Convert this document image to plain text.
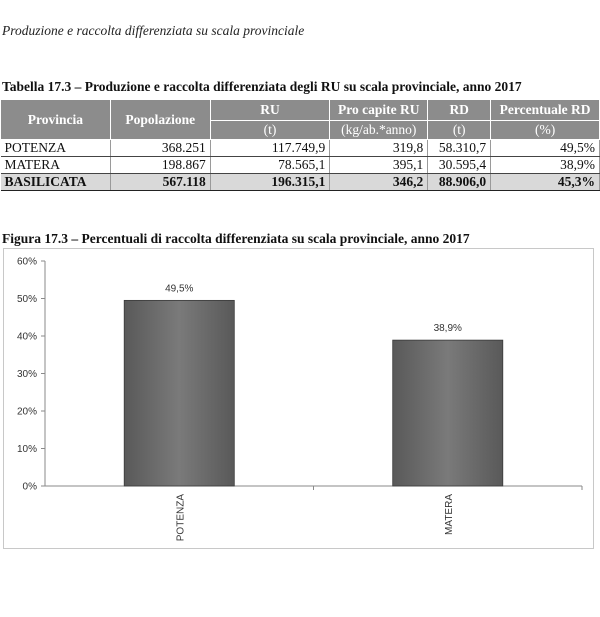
Produzione e raccolta differenziata su scala provinciale
Tabella 17.3 – Produzione e raccolta differenziata degli RU su scala provinciale, anno 2017
Provincia	Popolazione	RU	Pro capite RU	RD	Percentuale RD
		(t)	(kg/ab.*anno)	(t)	(%)
POTENZA	368.251	117.749,9	319,8	58.310,7	49,5%
MATERA	198.867	78.565,1	395,1	30.595,4	38,9%
BASILICATA	567.118	196.315,1	346,2	88.906,0	45,3%
Figura 17.3 – Percentuali di raccolta differenziata su scala provinciale, anno 2017
0%
10%
20%
30%
40%
50%
60%
POTENZA	MATERA
49,5%
38,9%
